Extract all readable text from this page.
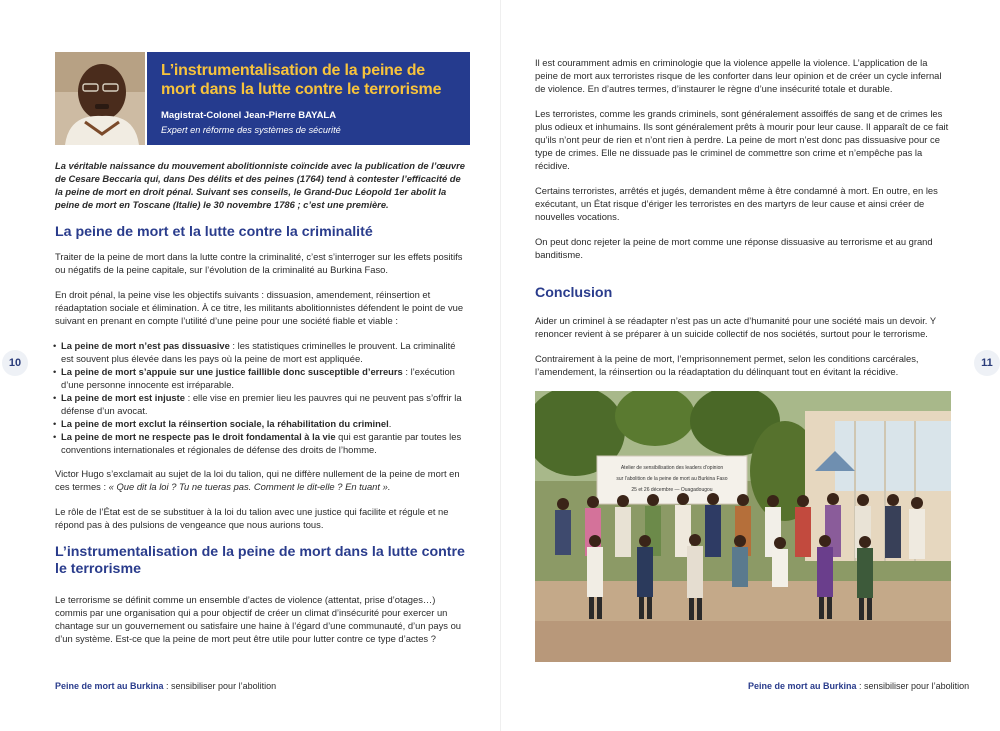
10
L’instrumentalisation de la peine de mort dans la lutte contre le terrorisme
Magistrat-Colonel Jean-Pierre BAYALA
Expert en réforme des systèmes de sécurité
La véritable naissance du mouvement abolitionniste coïncide avec la publication de l’œuvre de Cesare Beccaria qui, dans Des délits et des peines (1764) tend à contester l’efficacité de la peine de mort en droit pénal. Suivant ses conseils, le Grand-Duc Léopold 1er abolit la peine de mort en Toscane (Italie) le 30 novembre 1786 ; c’est une première.
La peine de mort et la lutte contre la criminalité

Traiter de la peine de mort dans la lutte contre la criminalité, c’est s’interroger sur les effets positifs ou négatifs de la peine capitale, sur l’évolution de la criminalité au Burkina Faso.

En droit pénal, la peine vise les objectifs suivants : dissuasion, amendement, réinsertion et réadaptation sociale et élimination. À ce titre, les militants abolitionnistes défendent le point de vue suivant en prenant en compte l’utilité d’une peine pour une société fiable et viable :

• La peine de mort n’est pas dissuasive : les statistiques criminelles le prouvent. La criminalité est souvent plus élevée dans les pays où la peine de mort est appliquée.
• La peine de mort s’appuie sur une justice faillible donc susceptible d’erreurs : l’exécution d’une personne innocente est irréparable.
• La peine de mort est injuste : elle vise en premier lieu les pauvres qui ne peuvent pas s’offrir la défense d’un avocat.
• La peine de mort exclut la réinsertion sociale, la réhabilitation du criminel.
• La peine de mort ne respecte pas le droit fondamental à la vie qui est garantie par toutes les conventions internationales et régionales de défense des droits de l’homme.

Victor Hugo s’exclamait au sujet de la loi du talion, qui ne diffère nullement de la peine de mort en ces termes : « Que dit la loi ? Tu ne tueras pas. Comment le dit-elle ? En tuant ».

Le rôle de l’État est de se substituer à la loi du talion avec une justice qui facilite et régule et ne répond pas à des pulsions de vengeance que nous aurions tous.

L’instrumentalisation de la peine de mort dans la lutte contre le terrorisme

Le terrorisme se définit comme un ensemble d’actes de violence (attentat, prise d’otages…) commis par une organisation qui a pour objectif de créer un climat d’insécurité pour exercer un chantage sur un gouvernement ou satisfaire une haine à l’égard d’une communauté, d’un pays ou d’un système. Est-ce que la peine de mort peut être utile pour lutter contre ce type d’actes ?

Peine de mort au Burkina : sensibiliser pour l’abolition
11

Il est couramment admis en criminologie que la violence appelle la violence. L’application de la peine de mort aux terroristes risque de les conforter dans leur opinion et de créer un cycle infernal de violence. En d’autres termes, d’instaurer le règne d’une insécurité totale et durable.

Les terroristes, comme les grands criminels, sont généralement assoiffés de sang et de crimes les plus odieux et inhumains. Ils sont généralement prêts à mourir pour leur cause. Il apparaît de ce fait qu’ils n’ont peur de rien et n’ont rien à perdre. La peine de mort n’est donc pas dissuasive pour ce type de crimes. Elle ne dissuade pas le criminel de commettre son crime et n’empêche pas la récidive.

Certains terroristes, arrêtés et jugés, demandent même à être condamné à mort. En outre, en les exécutant, un État risque d’ériger les terroristes en des martyrs de leur cause et ainsi créer de nouvelles vocations.

On peut donc rejeter la peine de mort comme une réponse dissuasive au terrorisme et au grand banditisme.

Conclusion

Aider un criminel à se réadapter n’est pas un acte d’humanité pour une société mais un devoir. Y renoncer revient à se préparer à un suicide collectif de nos sociétés, surtout pour le terrorisme.

Contrairement à la peine de mort, l’emprisonnement permet, selon les conditions carcérales, l’amendement, la réinsertion ou la réadaptation du délinquant tout en évitant la récidive.

Atelier de sensibilisation des leaders d’opinion
sur l’abolition de la peine de mort au Burkina Faso
25 et 26 décembre — Ouagadougou
Peine de mort au Burkina : sensibiliser pour l’abolition
